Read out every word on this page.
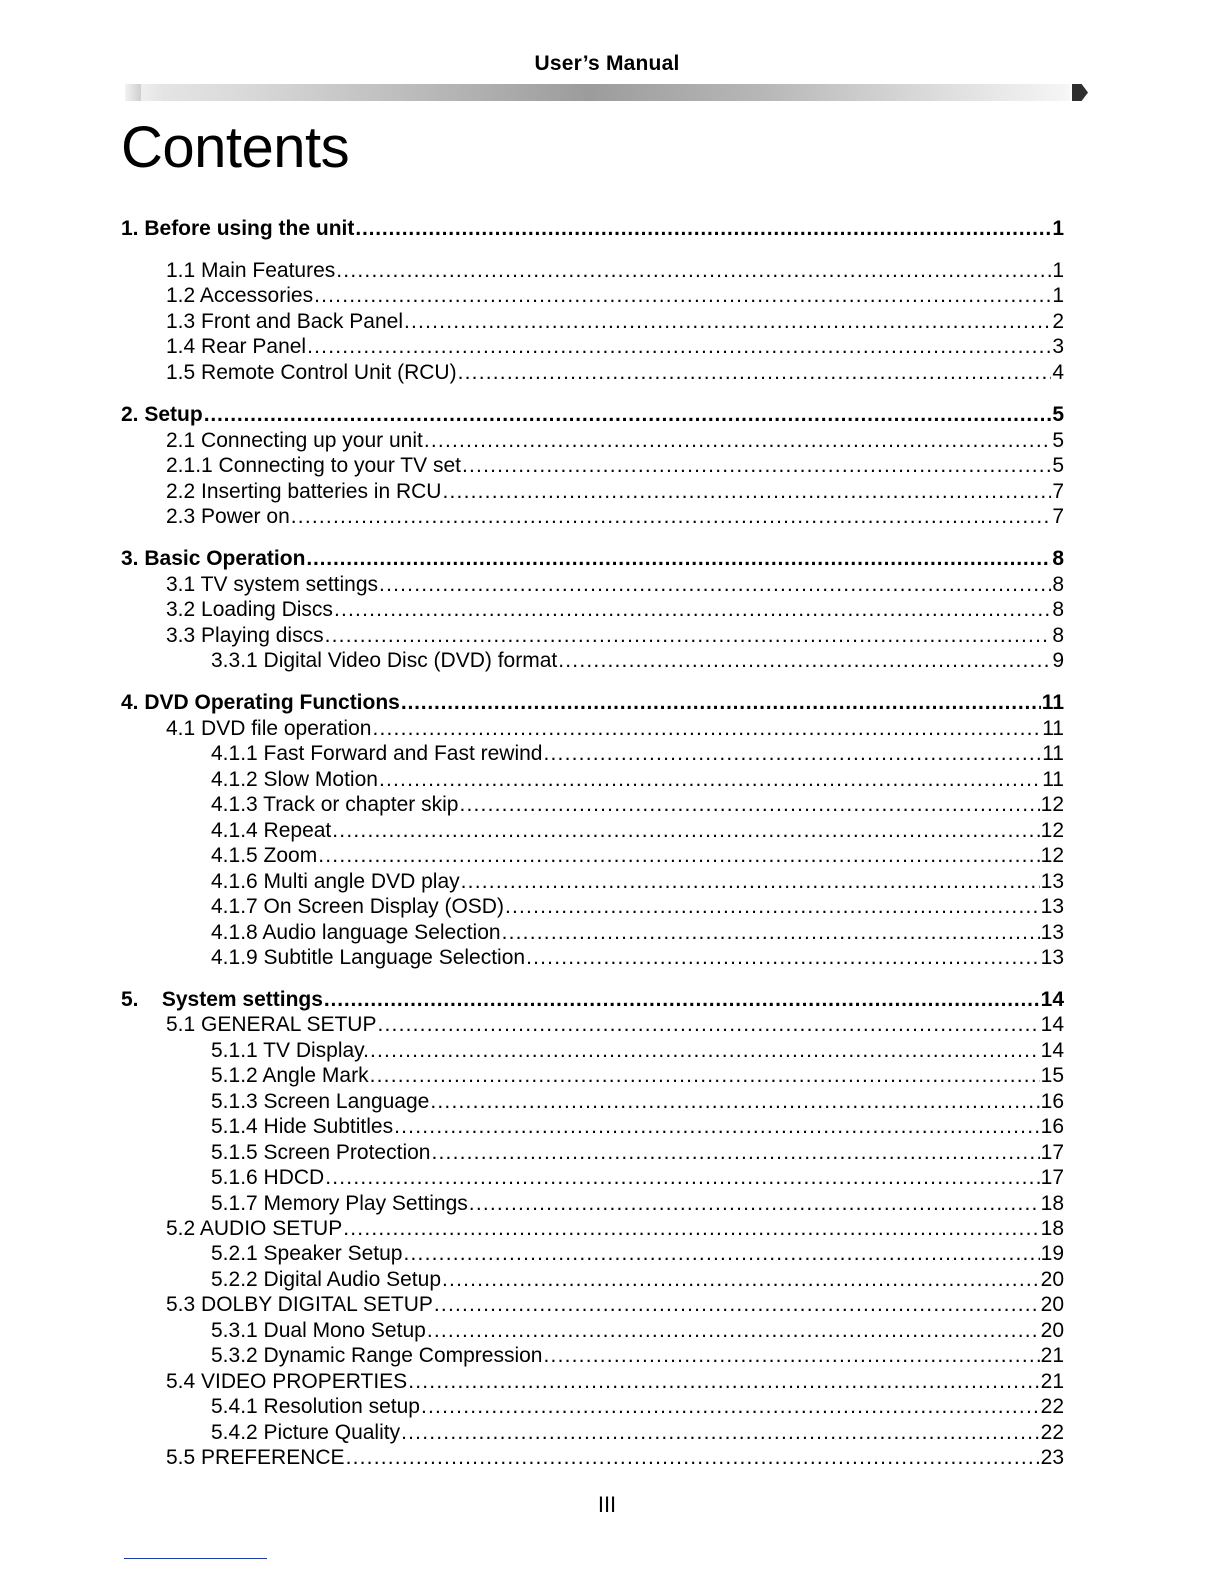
User’s Manual
Contents
1. Before using the unit .....	1
1.1 Main Features .....	1
1.2 Accessories .....	1
1.3 Front and Back Panel .....	2
1.4 Rear Panel .....	3
1.5 Remote Control Unit (RCU) .....	4
2. Setup .....	5
2.1 Connecting up your unit .....	5
2.1.1 Connecting to your TV set .....	5
2.2 Inserting batteries in RCU .....	7
2.3 Power on .....	7
3. Basic Operation .....	8
3.1 TV system settings .....	8
3.2 Loading Discs .....	8
3.3 Playing discs .....	8
3.3.1 Digital Video Disc (DVD) format .....	9
4. DVD Operating Functions .....	11
4.1 DVD file operation .....	11
4.1.1 Fast Forward and Fast rewind .....	11
4.1.2 Slow Motion .....	11
4.1.3 Track or chapter skip .....	12
4.1.4 Repeat .....	12
4.1.5 Zoom .....	12
4.1.6 Multi angle DVD play .....	13
4.1.7 On Screen Display (OSD) .....	13
4.1.8 Audio language Selection .....	13
4.1.9 Subtitle Language Selection .....	13
5.    System settings .....	14
5.1 GENERAL SETUP .....	14
5.1.1 TV Display. .....	14
5.1.2 Angle Mark .....	15
5.1.3 Screen Language .....	16
5.1.4 Hide Subtitles .....	16
5.1.5 Screen Protection .....	17
5.1.6 HDCD .....	17
5.1.7 Memory Play Settings .....	18
5.2 AUDIO SETUP .....	18
5.2.1 Speaker Setup .....	19
5.2.2 Digital Audio Setup .....	20
5.3 DOLBY DIGITAL SETUP .....	20
5.3.1 Dual Mono Setup .....	20
5.3.2 Dynamic Range Compression .....	21
5.4 VIDEO PROPERTIES .....	21
5.4.1 Resolution setup .....	22
5.4.2 Picture Quality .....	22
5.5 PREFERENCE .....	23
III
